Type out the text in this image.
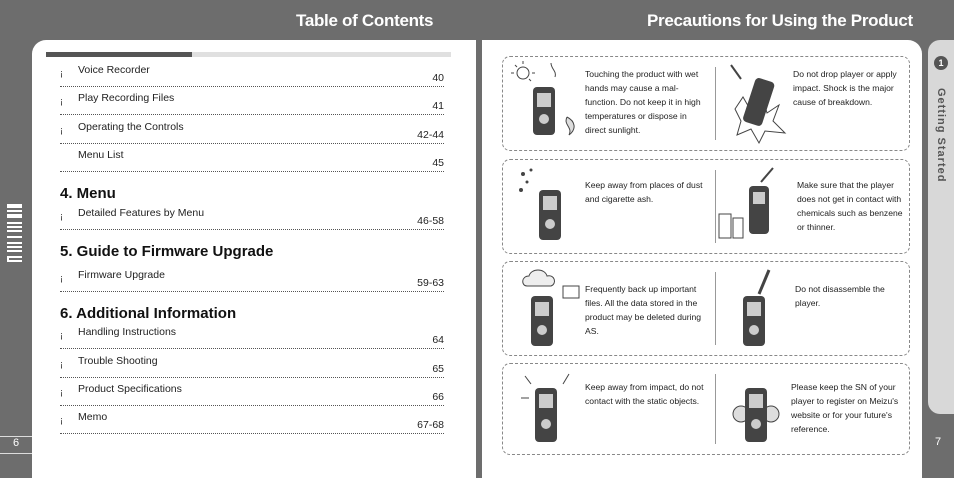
Table of Contents	Precautions for Using the Product
¡ Voice Recorder
40
¡ Play Recording Files
41
¡ Operating the Controls
42-44
Menu List
45
4. Menu
¡ Detailed Features by Menu
46-58
5. Guide to Firmware Upgrade
¡ Firmware Upgrade
59-63
6. Additional Information
¡ Handling Instructions
64
¡ Trouble Shooting
65
¡ Product Specifications
66
¡ Memo
67-68
6
Touching the product with wet hands may cause a mal-function. Do not keep it in high temperatures or dispose in direct sunlight.
Do not drop player or apply impact. Shock is the major cause of breakdown.
Keep away from places of dust and cigarette ash.
Make sure that the player does not get in contact with chemicals such as benzene or thinner.
Frequently back up important files. All the data stored in the product may be deleted during AS.
Do not disassemble the player.
Keep away from impact, do not contact with the static objects.
Please keep the SN of your player to register on Meizu's website or for your future's reference.
1
Getting Started
7
